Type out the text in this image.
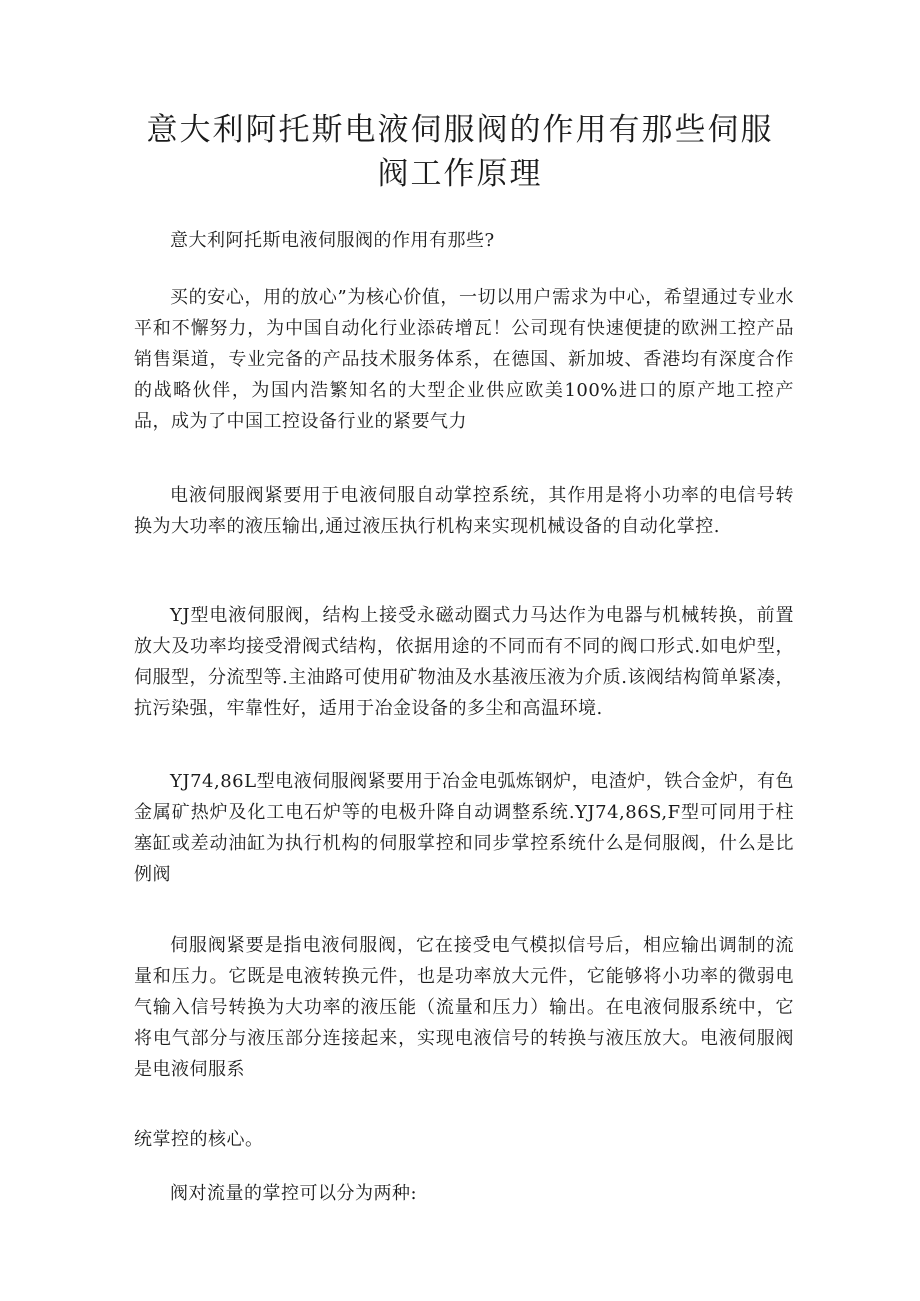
意大利阿托斯电液伺服阀的作用有那些伺服
阀工作原理

意大利阿托斯电液伺服阀的作用有那些?

买的安心，用的放心”为核心价值，一切以用户需求为中心，希望通过专业水平和不懈努力，为中国自动化行业添砖增瓦！公司现有快速便捷的欧洲工控产品销售渠道，专业完备的产品技术服务体系，在德国、新加坡、香港均有深度合作的战略伙伴，为国内浩繁知名的大型企业供应欧美100%进口的原产地工控产品，成为了中国工控设备行业的紧要气力

电液伺服阀紧要用于电液伺服自动掌控系统，其作用是将小功率的电信号转换为大功率的液压输出,通过液压执行机构来实现机械设备的自动化掌控.

YJ型电液伺服阀，结构上接受永磁动圈式力马达作为电器与机械转换，前置放大及功率均接受滑阀式结构，依据用途的不同而有不同的阀口形式.如电炉型，伺服型，分流型等.主油路可使用矿物油及水基液压液为介质.该阀结构简单紧凑，抗污染强，牢靠性好，适用于冶金设备的多尘和高温环境.

YJ74,86L型电液伺服阀紧要用于冶金电弧炼钢炉，电渣炉，铁合金炉，有色金属矿热炉及化工电石炉等的电极升降自动调整系统.YJ74,86S,F型可同用于柱塞缸或差动油缸为执行机构的伺服掌控和同步掌控系统什么是伺服阀，什么是比例阀

伺服阀紧要是指电液伺服阀，它在接受电气模拟信号后，相应输出调制的流量和压力。它既是电液转换元件，也是功率放大元件，它能够将小功率的微弱电气输入信号转换为大功率的液压能（流量和压力）输出。在电液伺服系统中，它将电气部分与液压部分连接起来，实现电液信号的转换与液压放大。电液伺服阀是电液伺服系

统掌控的核心。

阀对流量的掌控可以分为两种:
